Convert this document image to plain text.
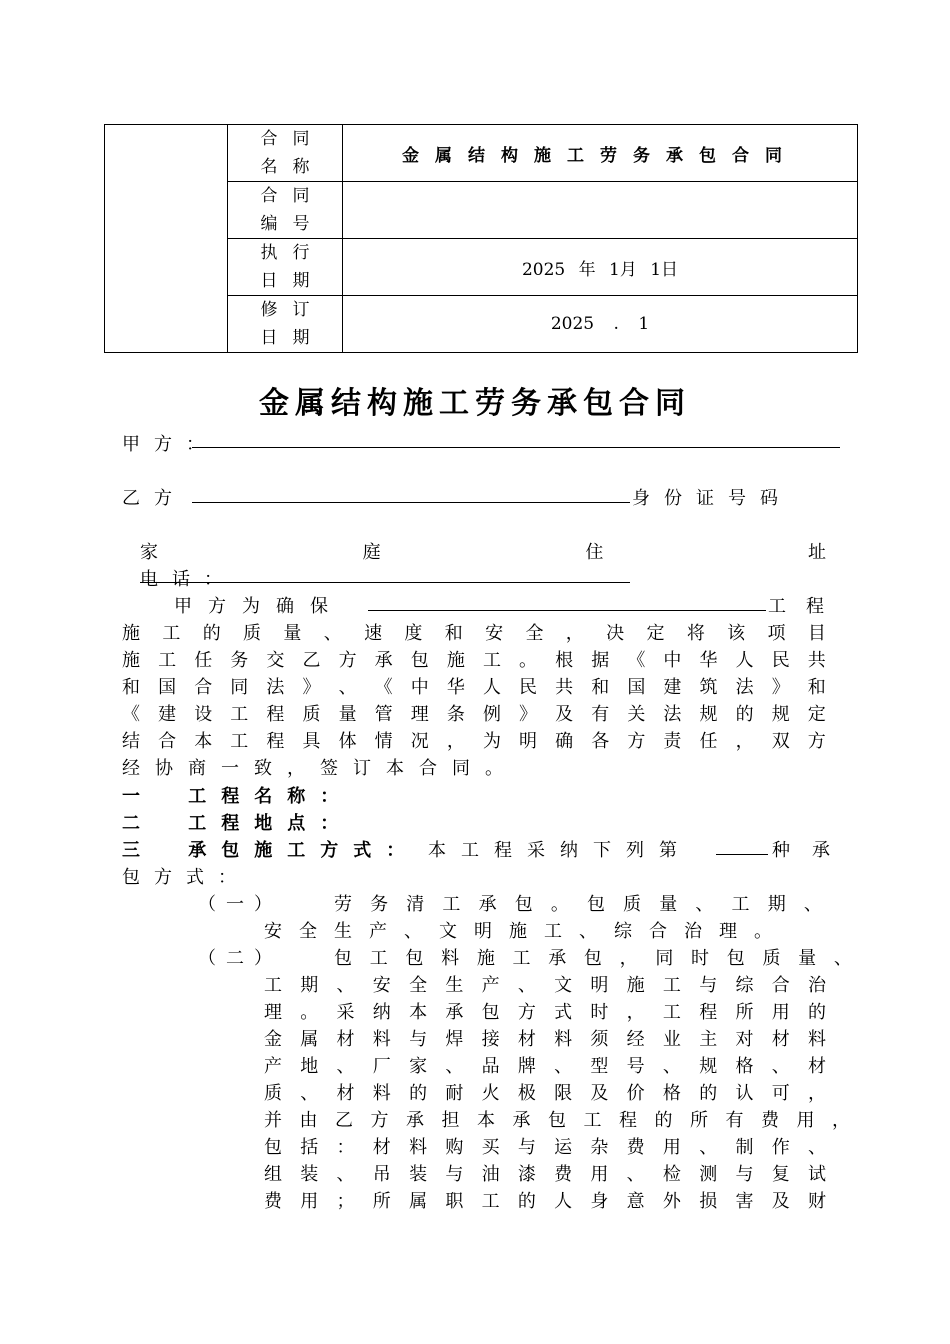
	合同
名称	金属结构施工劳务承包合同

	合同
编号	

	执行
日期	2025 年 1月 1日

	修订
日期	2025 . 1
金属结构施工劳务承包合同
甲方：
乙方	身份证号码
家	庭	住	址
电话：
甲方为确保	工程
施 工 的 质 量 、 速 度 和 安 全 ， 决 定 将 该 项 目
施 工 任 务 交 乙 方 承 包 施 工 。 根 据 《 中 华 人 民 共
和 国 合 同 法 》 、 《 中 华 人 民 共 和 国 建 筑 法 》 和
《 建 设 工 程 质 量 管 理 条 例 》 及 有 关 法 规 的 规 定
结 合 本 工 程 具 体 情 况 ， 为 明 确 各 方 责 任 ， 双 方
经协商一致，签订本合同。
一 工程名称：
二 工程地点：
三 承包施工方式： 本工程采纳下列第	种承
包方式：
（一）	劳 务 清 工 承 包 。 包 质 量 、 工 期 、
安全生产、文明施工、综合治理。
（二）	包 工 包 料 施 工 承 包 ， 同 时 包 质 量 、
工 期 、 安 全 生 产 、 文 明 施 工 与 综 合 治
理 。 采 纳 本 承 包 方 式 时 ， 工 程 所 用 的
金 属 材 料 与 焊 接 材 料 须 经 业 主 对 材 料
产 地 、 厂 家 、 品 牌 、 型 号 、 规 格 、 材
质 、 材 料 的 耐 火 极 限 及 价 格 的 认 可 ，
并 由 乙 方 承 担 本 承 包 工 程 的 所 有 费 用 ，
包 括 ： 材 料 购 买 与 运 杂 费 用 、 制 作 、
组 装 、 吊 装 与 油 漆 费 用 、 检 测 与 复 试
费 用 ； 所 属 职 工 的 人 身 意 外 损 害 及 财
